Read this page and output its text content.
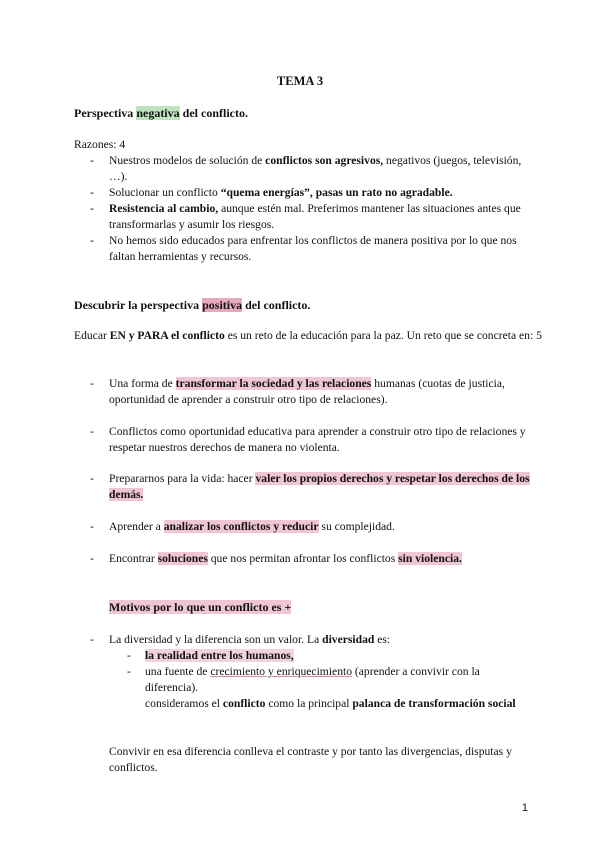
TEMA 3
Perspectiva negativa del conflicto.
Razones: 4
- Nuestros modelos de solución de conflictos son agresivos, negativos (juegos, televisión, …).
- Solucionar un conflicto “quema energías”, pasas un rato no agradable.
- Resistencia al cambio, aunque estén mal. Preferimos mantener las situaciones antes que transformarlas y asumir los riesgos.
- No hemos sido educados para enfrentar los conflictos de manera positiva por lo que nos faltan herramientas y recursos.
Descubrir la perspectiva positiva del conflicto.
Educar EN y PARA el conflicto es un reto de la educación para la paz. Un reto que se concreta en: 5
- Una forma de transformar la sociedad y las relaciones humanas (cuotas de justicia, oportunidad de aprender a construir otro tipo de relaciones).
- Conflictos como oportunidad educativa para aprender a construir otro tipo de relaciones y respetar nuestros derechos de manera no violenta.
- Prepararnos para la vida: hacer valer los propios derechos y respetar los derechos de los demás.
- Aprender a analizar los conflictos y reducir su complejidad.
- Encontrar soluciones que nos permitan afrontar los conflictos sin violencia.
Motivos por lo que un conflicto es +
- La diversidad y la diferencia son un valor. La diversidad es:
- la realidad entre los humanos,
- una fuente de crecimiento y enriquecimiento (aprender a convivir con la diferencia).
consideramos el conflicto como la principal palanca de transformación social
Convivir en esa diferencia conlleva el contraste y por tanto las divergencias, disputas y conflictos.
1
